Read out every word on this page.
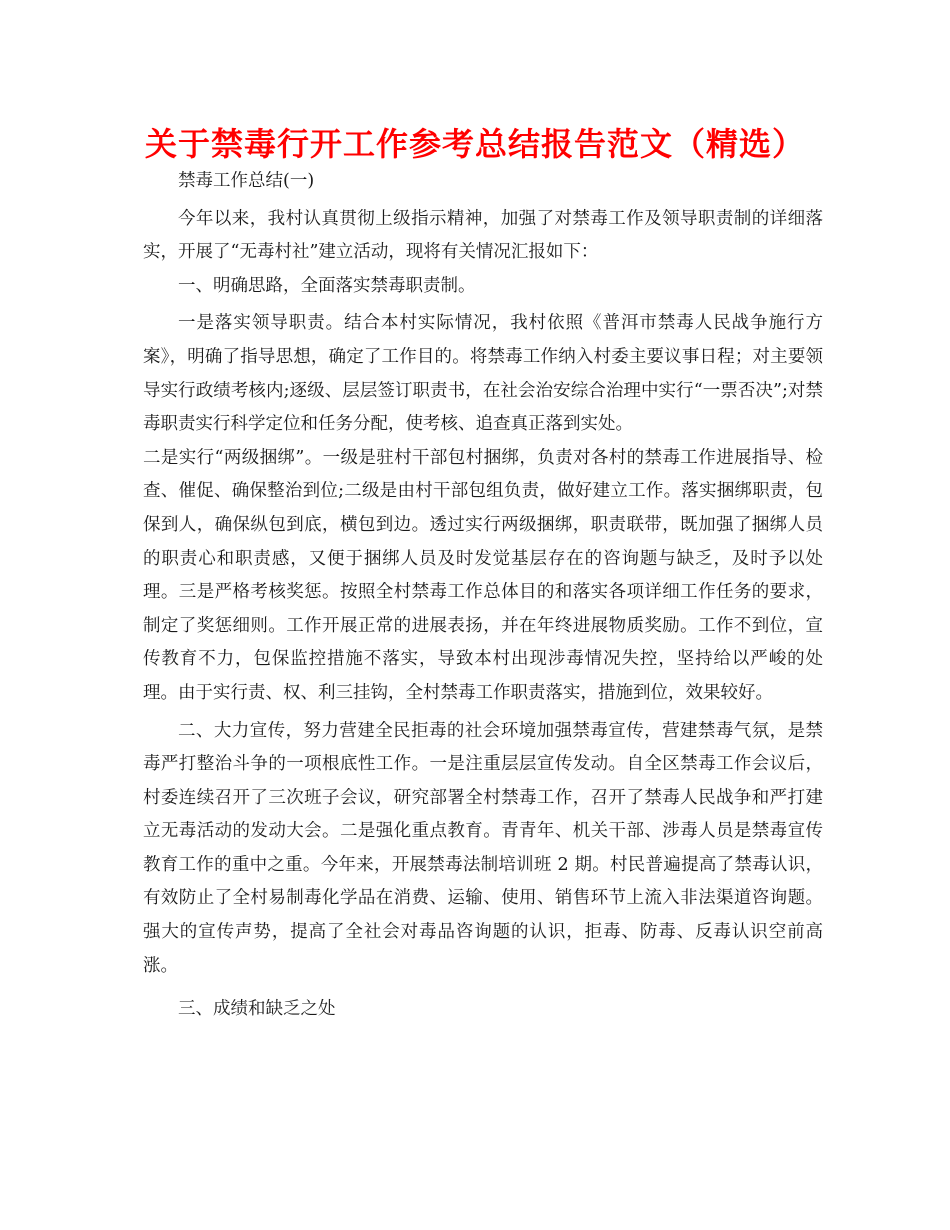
关于禁毒行开工作参考总结报告范文（精选）

禁毒工作总结(一)

今年以来，我村认真贯彻上级指示精神，加强了对禁毒工作及领导职责制的详细落实，开展了“无毒村社”建立活动，现将有关情况汇报如下：

一、明确思路，全面落实禁毒职责制。

一是落实领导职责。结合本村实际情况，我村依照《普洱市禁毒人民战争施行方案》，明确了指导思想，确定了工作目的。将禁毒工作纳入村委主要议事日程；对主要领导实行政绩考核内;逐级、层层签订职责书，在社会治安综合治理中实行“一票否决”;对禁毒职责实行科学定位和任务分配，使考核、追查真正落到实处。

二是实行“两级捆绑”。一级是驻村干部包村捆绑，负责对各村的禁毒工作进展指导、检查、催促、确保整治到位;二级是由村干部包组负责，做好建立工作。落实捆绑职责，包保到人，确保纵包到底，横包到边。透过实行两级捆绑，职责联带，既加强了捆绑人员的职责心和职责感，又便于捆绑人员及时发觉基层存在的咨询题与缺乏，及时予以处理。三是严格考核奖惩。按照全村禁毒工作总体目的和落实各项详细工作任务的要求，制定了奖惩细则。工作开展正常的进展表扬，并在年终进展物质奖励。工作不到位，宣传教育不力，包保监控措施不落实，导致本村出现涉毒情况失控，坚持给以严峻的处理。由于实行责、权、利三挂钩，全村禁毒工作职责落实，措施到位，效果较好。

二、大力宣传，努力营建全民拒毒的社会环境加强禁毒宣传，营建禁毒气氛，是禁毒严打整治斗争的一项根底性工作。一是注重层层宣传发动。自全区禁毒工作会议后，村委连续召开了三次班子会议，研究部署全村禁毒工作，召开了禁毒人民战争和严打建立无毒活动的发动大会。二是强化重点教育。青青年、机关干部、涉毒人员是禁毒宣传教育工作的重中之重。今年来，开展禁毒法制培训班 2 期。村民普遍提高了禁毒认识，有效防止了全村易制毒化学品在消费、运输、使用、销售环节上流入非法渠道咨询题。强大的宣传声势，提高了全社会对毒品咨询题的认识，拒毒、防毒、反毒认识空前高涨。

三、成绩和缺乏之处
